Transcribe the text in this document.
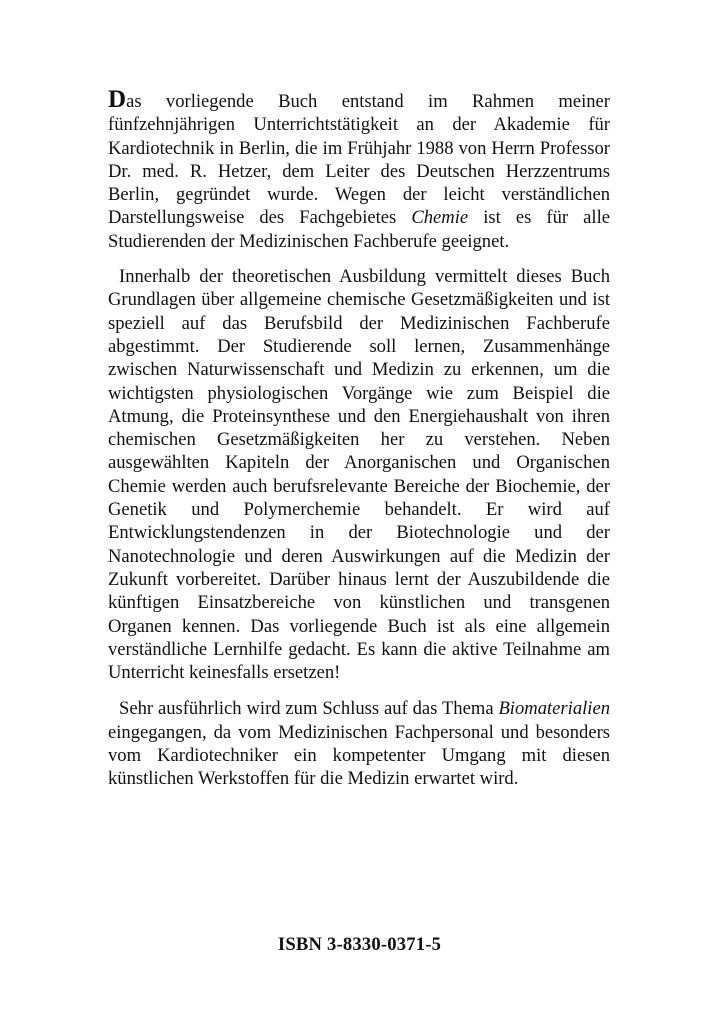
Das vorliegende Buch entstand im Rahmen meiner fünfzehnjährigen Unterrichtstätigkeit an der Akademie für Kardiotechnik in Berlin, die im Frühjahr 1988 von Herrn Professor Dr. med. R. Hetzer, dem Leiter des Deutschen Herzzentrums Berlin, gegründet wurde. Wegen der leicht verständlichen Darstellungsweise des Fachgebietes Chemie ist es für alle Studierenden der Medizinischen Fachberufe geeignet.

Innerhalb der theoretischen Ausbildung vermittelt dieses Buch Grundlagen über allgemeine chemische Gesetzmäßigkeiten und ist speziell auf das Berufsbild der Medizinischen Fachberufe abgestimmt. Der Studierende soll lernen, Zusammenhänge zwischen Naturwissenschaft und Medizin zu erkennen, um die wichtigsten physiologischen Vorgänge wie zum Beispiel die Atmung, die Proteinsynthese und den Energiehaushalt von ihren chemischen Gesetzmäßigkeiten her zu verstehen. Neben ausgewählten Kapiteln der Anorganischen und Organischen Chemie werden auch berufsrelevante Bereiche der Biochemie, der Genetik und Polymerchemie behandelt. Er wird auf Entwicklungstendenzen in der Biotechnologie und der Nanotechnologie und deren Auswirkungen auf die Medizin der Zukunft vorbereitet. Darüber hinaus lernt der Auszubildende die künftigen Einsatzbereiche von künstlichen und transgenen Organen kennen. Das vorliegende Buch ist als eine allgemein verständliche Lernhilfe gedacht. Es kann die aktive Teilnahme am Unterricht keinesfalls ersetzen!

Sehr ausführlich wird zum Schluss auf das Thema Biomaterialien eingegangen, da vom Medizinischen Fachpersonal und besonders vom Kardiotechniker ein kompetenter Umgang mit diesen künstlichen Werkstoffen für die Medizin erwartet wird.

ISBN 3-8330-0371-5
